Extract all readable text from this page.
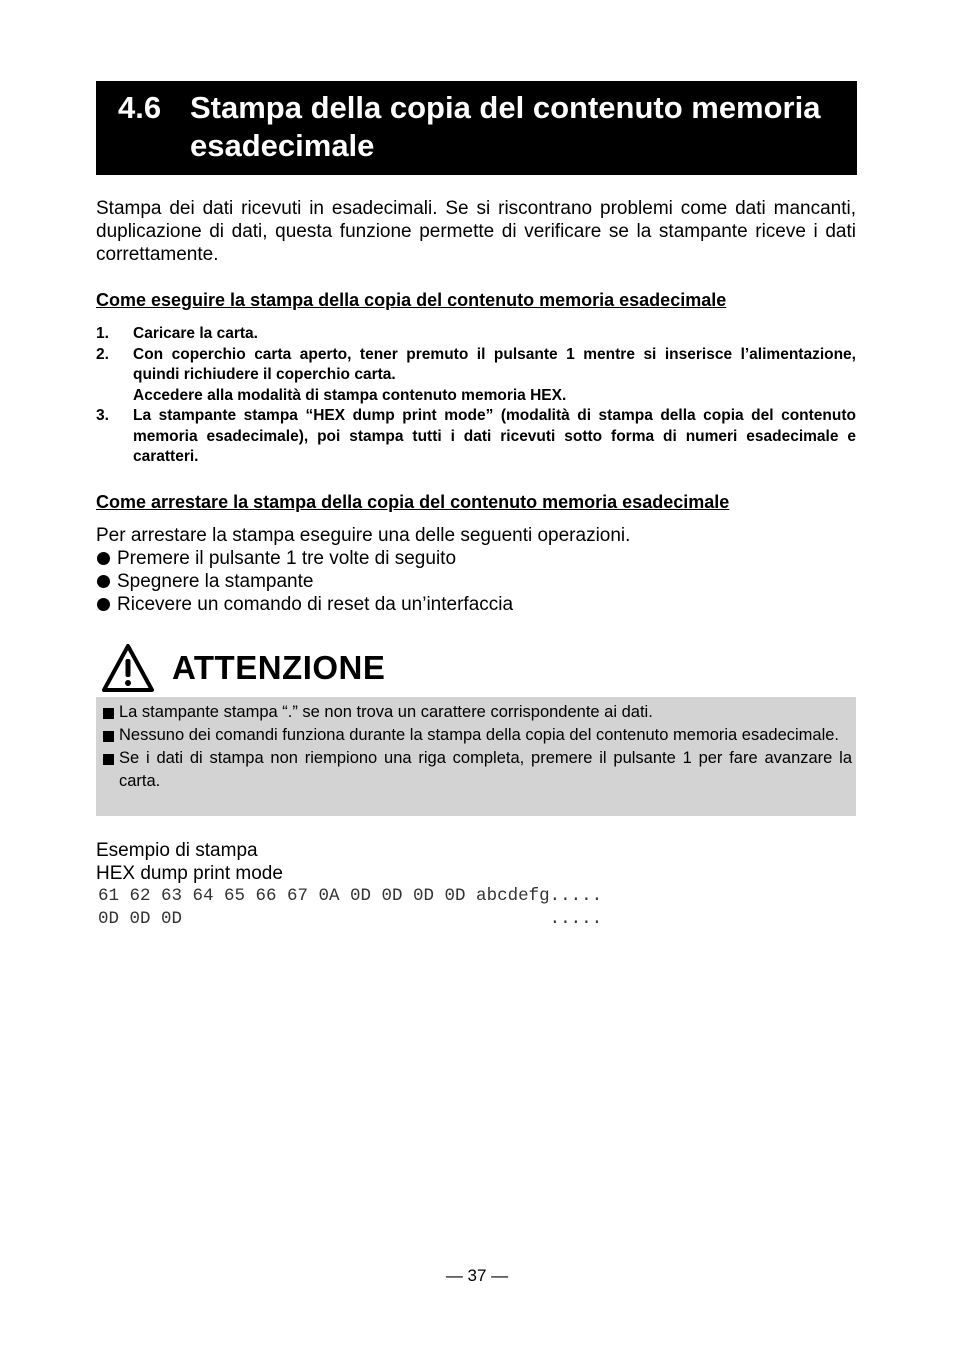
4.6 Stampa della copia del contenuto memoria esadecimale

Stampa dei dati ricevuti in esadecimali. Se si riscontrano problemi come dati mancanti, duplicazione di dati, questa funzione permette di verificare se la stampante riceve i dati correttamente.

Come eseguire la stampa della copia del contenuto memoria esadecimale

1. Caricare la carta.
2. Con coperchio carta aperto, tener premuto il pulsante 1 mentre si inserisce l’alimentazione, quindi richiudere il coperchio carta.
Accedere alla modalità di stampa contenuto memoria HEX.
3. La stampante stampa “HEX dump print mode” (modalità di stampa della copia del contenuto memoria esadecimale), poi stampa tutti i dati ricevuti sotto forma di numeri esadecimale e caratteri.

Come arrestare la stampa della copia del contenuto memoria esadecimale

Per arrestare la stampa eseguire una delle seguenti operazioni.

Premere il pulsante 1 tre volte di seguito
Spegnere la stampante
Ricevere un comando di reset da un’interfaccia
ATTENZIONE
La stampante stampa “.” se non trova un carattere corrispondente ai dati.
Nessuno dei comandi funziona durante la stampa della copia del contenuto memoria esadecimale.
Se i dati di stampa non riempiono una riga completa, premere il pulsante 1 per fare avanzare la carta.
Esempio di stampa
HEX dump print mode
61 62 63 64 65 66 67 0A 0D 0D 0D 0D abcdefg.....
0D 0D 0D                                   .....
— 37 —
